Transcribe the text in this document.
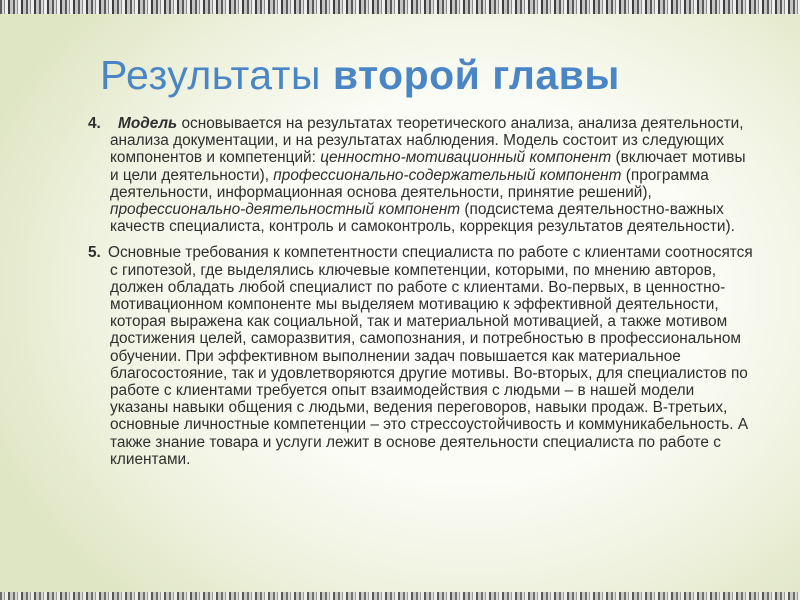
Результаты второй главы

4. Модель основывается на результатах теоретического анализа, анализа деятельности, анализа документации, и на результатах наблюдения. Модель состоит из следующих компонентов и компетенций: ценностно-мотивационный компонент (включает мотивы и цели деятельности), профессионально-содержательный компонент (программа деятельности, информационная основа деятельности, принятие решений), профессионально-деятельностный компонент (подсистема деятельностно-важных качеств специалиста, контроль и самоконтроль, коррекция результатов деятельности).

5. Основные требования к компетентности специалиста по работе с клиентами соотносятся с гипотезой, где выделялись ключевые компетенции, которыми, по мнению авторов, должен обладать любой специалист по работе с клиентами. Во-первых, в ценностно-мотивационном компоненте мы выделяем мотивацию к эффективной деятельности, которая выражена как социальной, так и материальной мотивацией, а также мотивом достижения целей, саморазвития, самопознания, и потребностью в профессиональном обучении. При эффективном выполнении задач повышается как материальное благосостояние, так и удовлетворяются другие мотивы. Во-вторых, для специалистов по работе с клиентами требуется опыт взаимодействия с людьми – в нашей модели указаны навыки общения с людьми, ведения переговоров, навыки продаж. В-третьих, основные личностные компетенции – это стрессоустойчивость и коммуникабельность. А также знание товара и услуги лежит в основе деятельности специалиста по работе с клиентами.
